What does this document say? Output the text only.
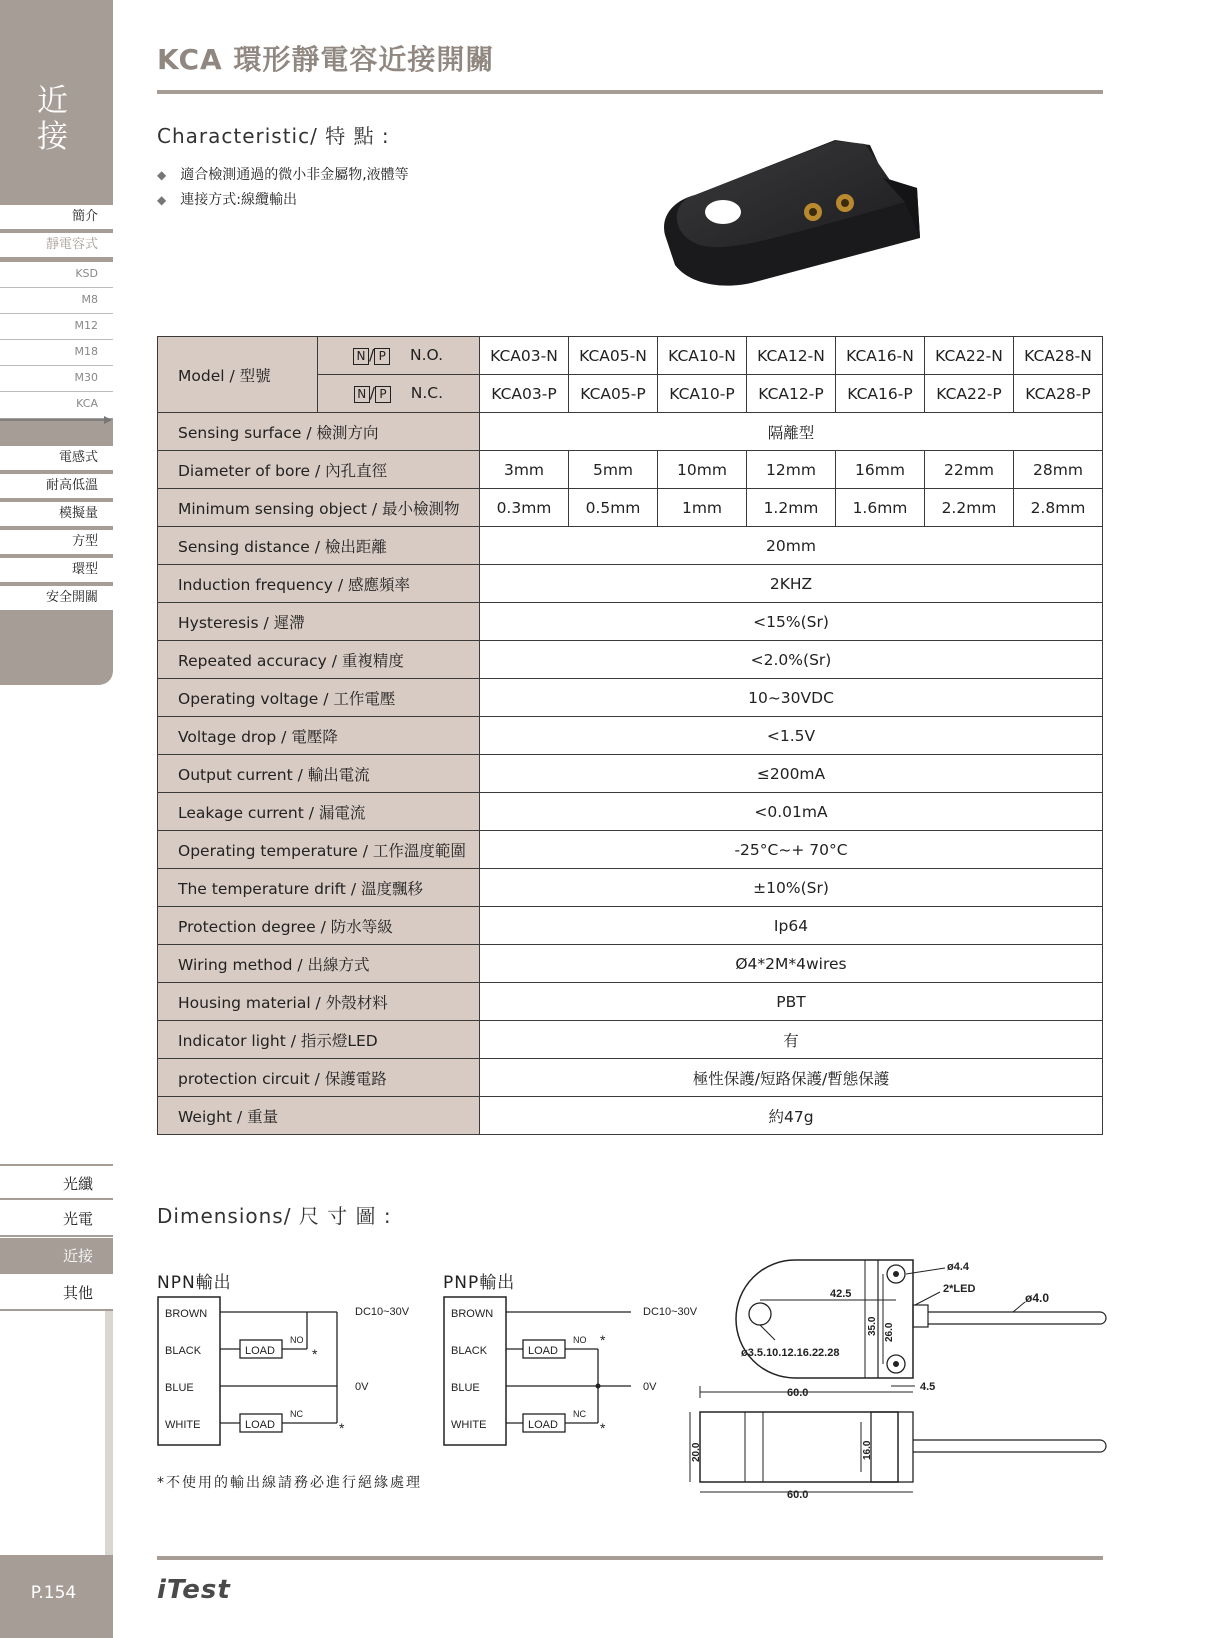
近
接
簡介
靜電容式
KSD
M8
M12
M18
M30
KCA
電感式
耐高低溫
模擬量
方型
環型
安全開關
光纖
光電
近接
其他
P.154
KCA 環形靜電容近接開關
Characteristic/ 特 點 :
◆ 適合檢測通過的微小非金屬物,液體等
◆ 連接方式:線纜輸出
Model / 型號	N / P N.O.	KCA03-N	KCA05-N	KCA10-N	KCA12-N	KCA16-N	KCA22-N	KCA28-N
	N / P N.C.	KCA03-P	KCA05-P	KCA10-P	KCA12-P	KCA16-P	KCA22-P	KCA28-P
Sensing surface / 檢測方向		隔離型						
Diameter of bore / 內孔直徑		3mm	5mm	10mm	12mm	16mm	22mm	28mm
Minimum sensing object / 最小檢測物		0.3mm	0.5mm	1mm	1.2mm	1.6mm	2.2mm	2.8mm
Sensing distance / 檢出距離		20mm						
Induction frequency / 感應頻率		2KHZ						
Hysteresis / 遲滯		<15%(Sr)						
Repeated accuracy / 重複精度		<2.0%(Sr)						
Operating voltage / 工作電壓		10~30VDC						
Voltage drop / 電壓降		<1.5V						
Output current / 輸出電流		≤200mA						
Leakage current / 漏電流		<0.01mA						
Operating temperature / 工作溫度範圍		-25°C~+ 70°C						
The temperature drift / 溫度飄移		±10%(Sr)						
Protection degree / 防水等級		Ip64						
Wiring method / 出線方式		Ø4*2M*4wires						
Housing material / 外殼材料		PBT						
Indicator light / 指示燈LED		有						
protection circuit / 保護電路		極性保護/短路保護/暫態保護						
Weight / 重量		約47g						
Dimensions/ 尺 寸 圖 :
NPN輸出	PNP輸出
BROWN
BLACK
BLUE
WHITE
LOAD
NO
*
LOAD
NC
*
DC10~30V
0V
BROWN
BLACK
BLUE
WHITE
LOAD
NO *
LOAD
NC
*
DC10~30V
0V
*不使用的輸出線請務必進行絕緣處理
42.5
ø4.4
2*LED
ø4.0
26.0
35.0
ø3.5.10.12.16.22.28
60.0	4.5
20.0	16.0
60.0
iTest
